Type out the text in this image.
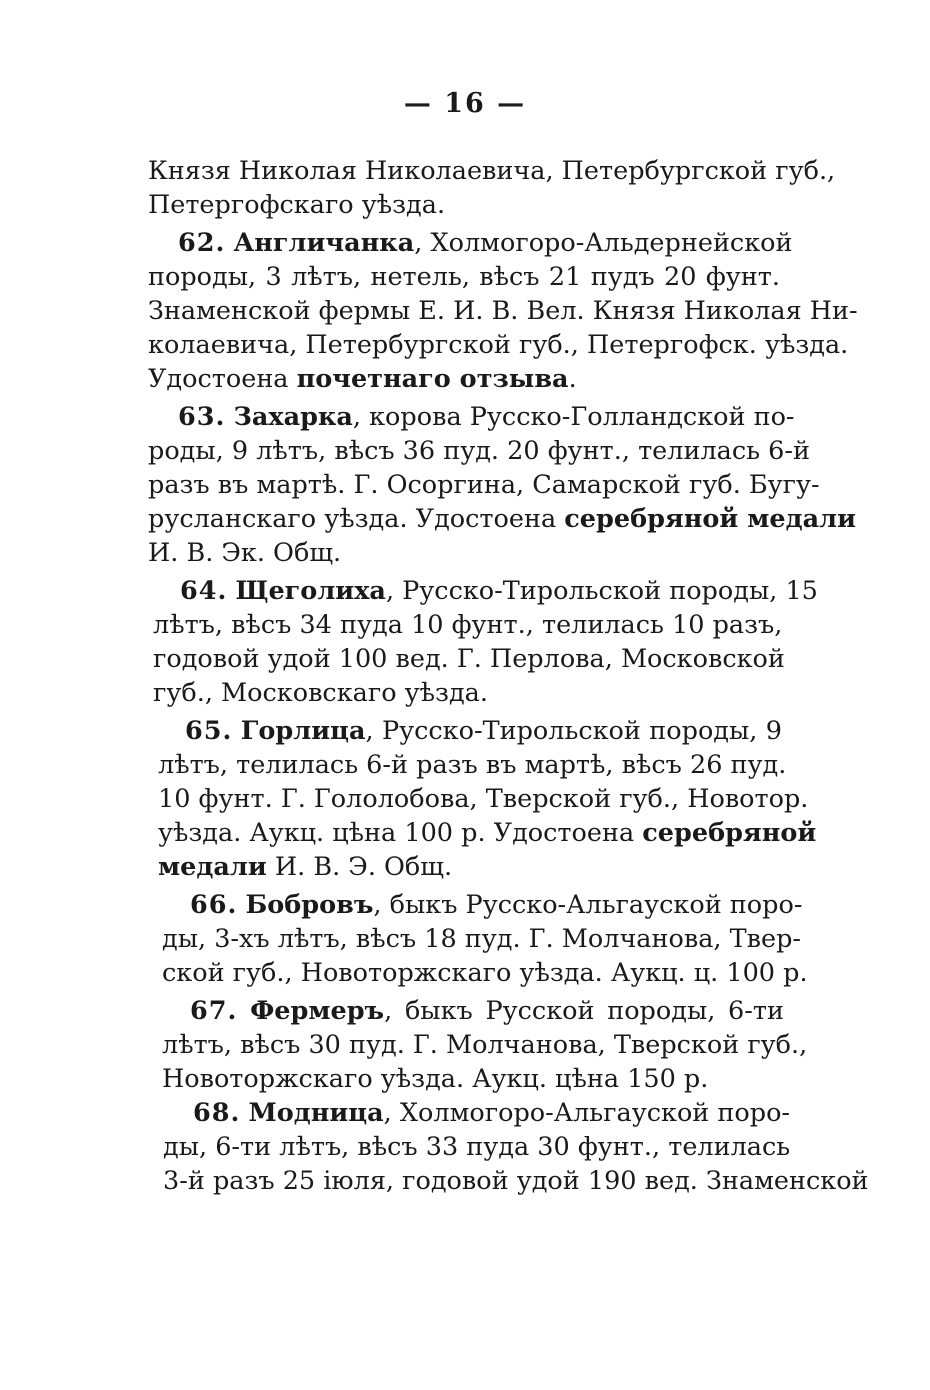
— 16 —
Князя Николая Николаевича, Петербургской губ.,
Петергофскаго уѣзда.
62. Англичанка, Холмогоро-Альдернейской
породы, 3 лѣтъ, нетель, вѣсъ 21 пудъ 20 фунт.
Знаменской фермы Е. И. В. Вел. Князя Николая Ни-
колаевича, Петербургской губ., Петергофск. уѣзда.
Удостоена почетнаго отзыва.
63. Захарка, корова Русско-Голландской по-
роды, 9 лѣтъ, вѣсъ 36 пуд. 20 фунт., телилась 6-й
разъ въ мартѣ. Г. Осоргина, Самарской губ. Бугу-
русланскаго уѣзда. Удостоена серебряной медали
И. В. Эк. Общ.
64. Щеголиха, Русско-Тирольской породы, 15
лѣтъ, вѣсъ 34 пуда 10 фунт., телилась 10 разъ,
годовой удой 100 вед. Г. Перлова, Московской
губ., Московскаго уѣзда.
65. Горлица, Русско-Тирольской породы, 9
лѣтъ, телилась 6-й разъ въ мартѣ, вѣсъ 26 пуд.
10 фунт. Г. Гололобова, Тверской губ., Новотор.
уѣзда. Аукц. цѣна 100 р. Удостоена серебряной
медали И. В. Э. Общ.
66. Бобровъ, быкъ Русско-Альгауской поро-
ды, 3-хъ лѣтъ, вѣсъ 18 пуд. Г. Молчанова, Твер-
ской губ., Новоторжскаго уѣзда. Аукц. ц. 100 р.
67. Фермеръ, быкъ Русской породы, 6-ти
лѣтъ, вѣсъ 30 пуд. Г. Молчанова, Тверской губ.,
Новоторжскаго уѣзда. Аукц. цѣна 150 р.
68. Модница, Холмогоро-Альгауской поро-
ды, 6-ти лѣтъ, вѣсъ 33 пуда 30 фунт., телилась
3-й разъ 25 іюля, годовой удой 190 вед. Знаменской
